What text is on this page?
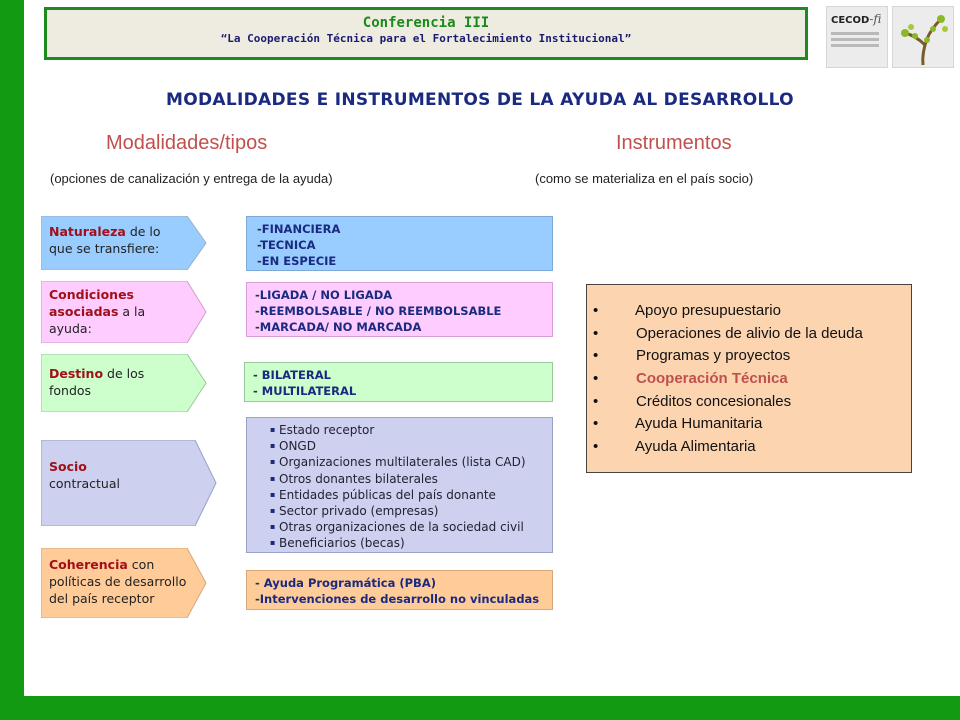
Conferencia III
“La Cooperación Técnica para el Fortalecimiento Institucional”
CECOD-fi
MODALIDADES E INSTRUMENTOS DE LA AYUDA AL DESARROLLO
Modalidades/tipos
(opciones de canalización y entrega de la ayuda)
Instrumentos
(como se materializa en el país socio)
Naturaleza de lo que se transfiere:
-FINANCIERA
-TECNICA
-EN ESPECIE
Condiciones asociadas a la ayuda:
-LIGADA / NO LIGADA
-REEMBOLSABLE / NO REEMBOLSABLE
-MARCADA/ NO MARCADA
Destino de los fondos
- BILATERAL
- MULTILATERAL
Socio
contractual
▪ Estado receptor
▪ ONGD
▪ Organizaciones multilaterales (lista CAD)
▪ Otros donantes bilaterales
▪ Entidades públicas del país donante
▪ Sector privado (empresas)
▪ Otras organizaciones de la sociedad civil
▪ Beneficiarios (becas)
Coherencia con políticas de desarrollo del país receptor
- Ayuda Programática (PBA)
-Intervenciones de desarrollo no vinculadas
• Apoyo presupuestario
•	Operaciones de alivio de la deuda
•	Programas y proyectos
•	Cooperación Técnica
•	Créditos concesionales
• Ayuda Humanitaria
• Ayuda Alimentaria
